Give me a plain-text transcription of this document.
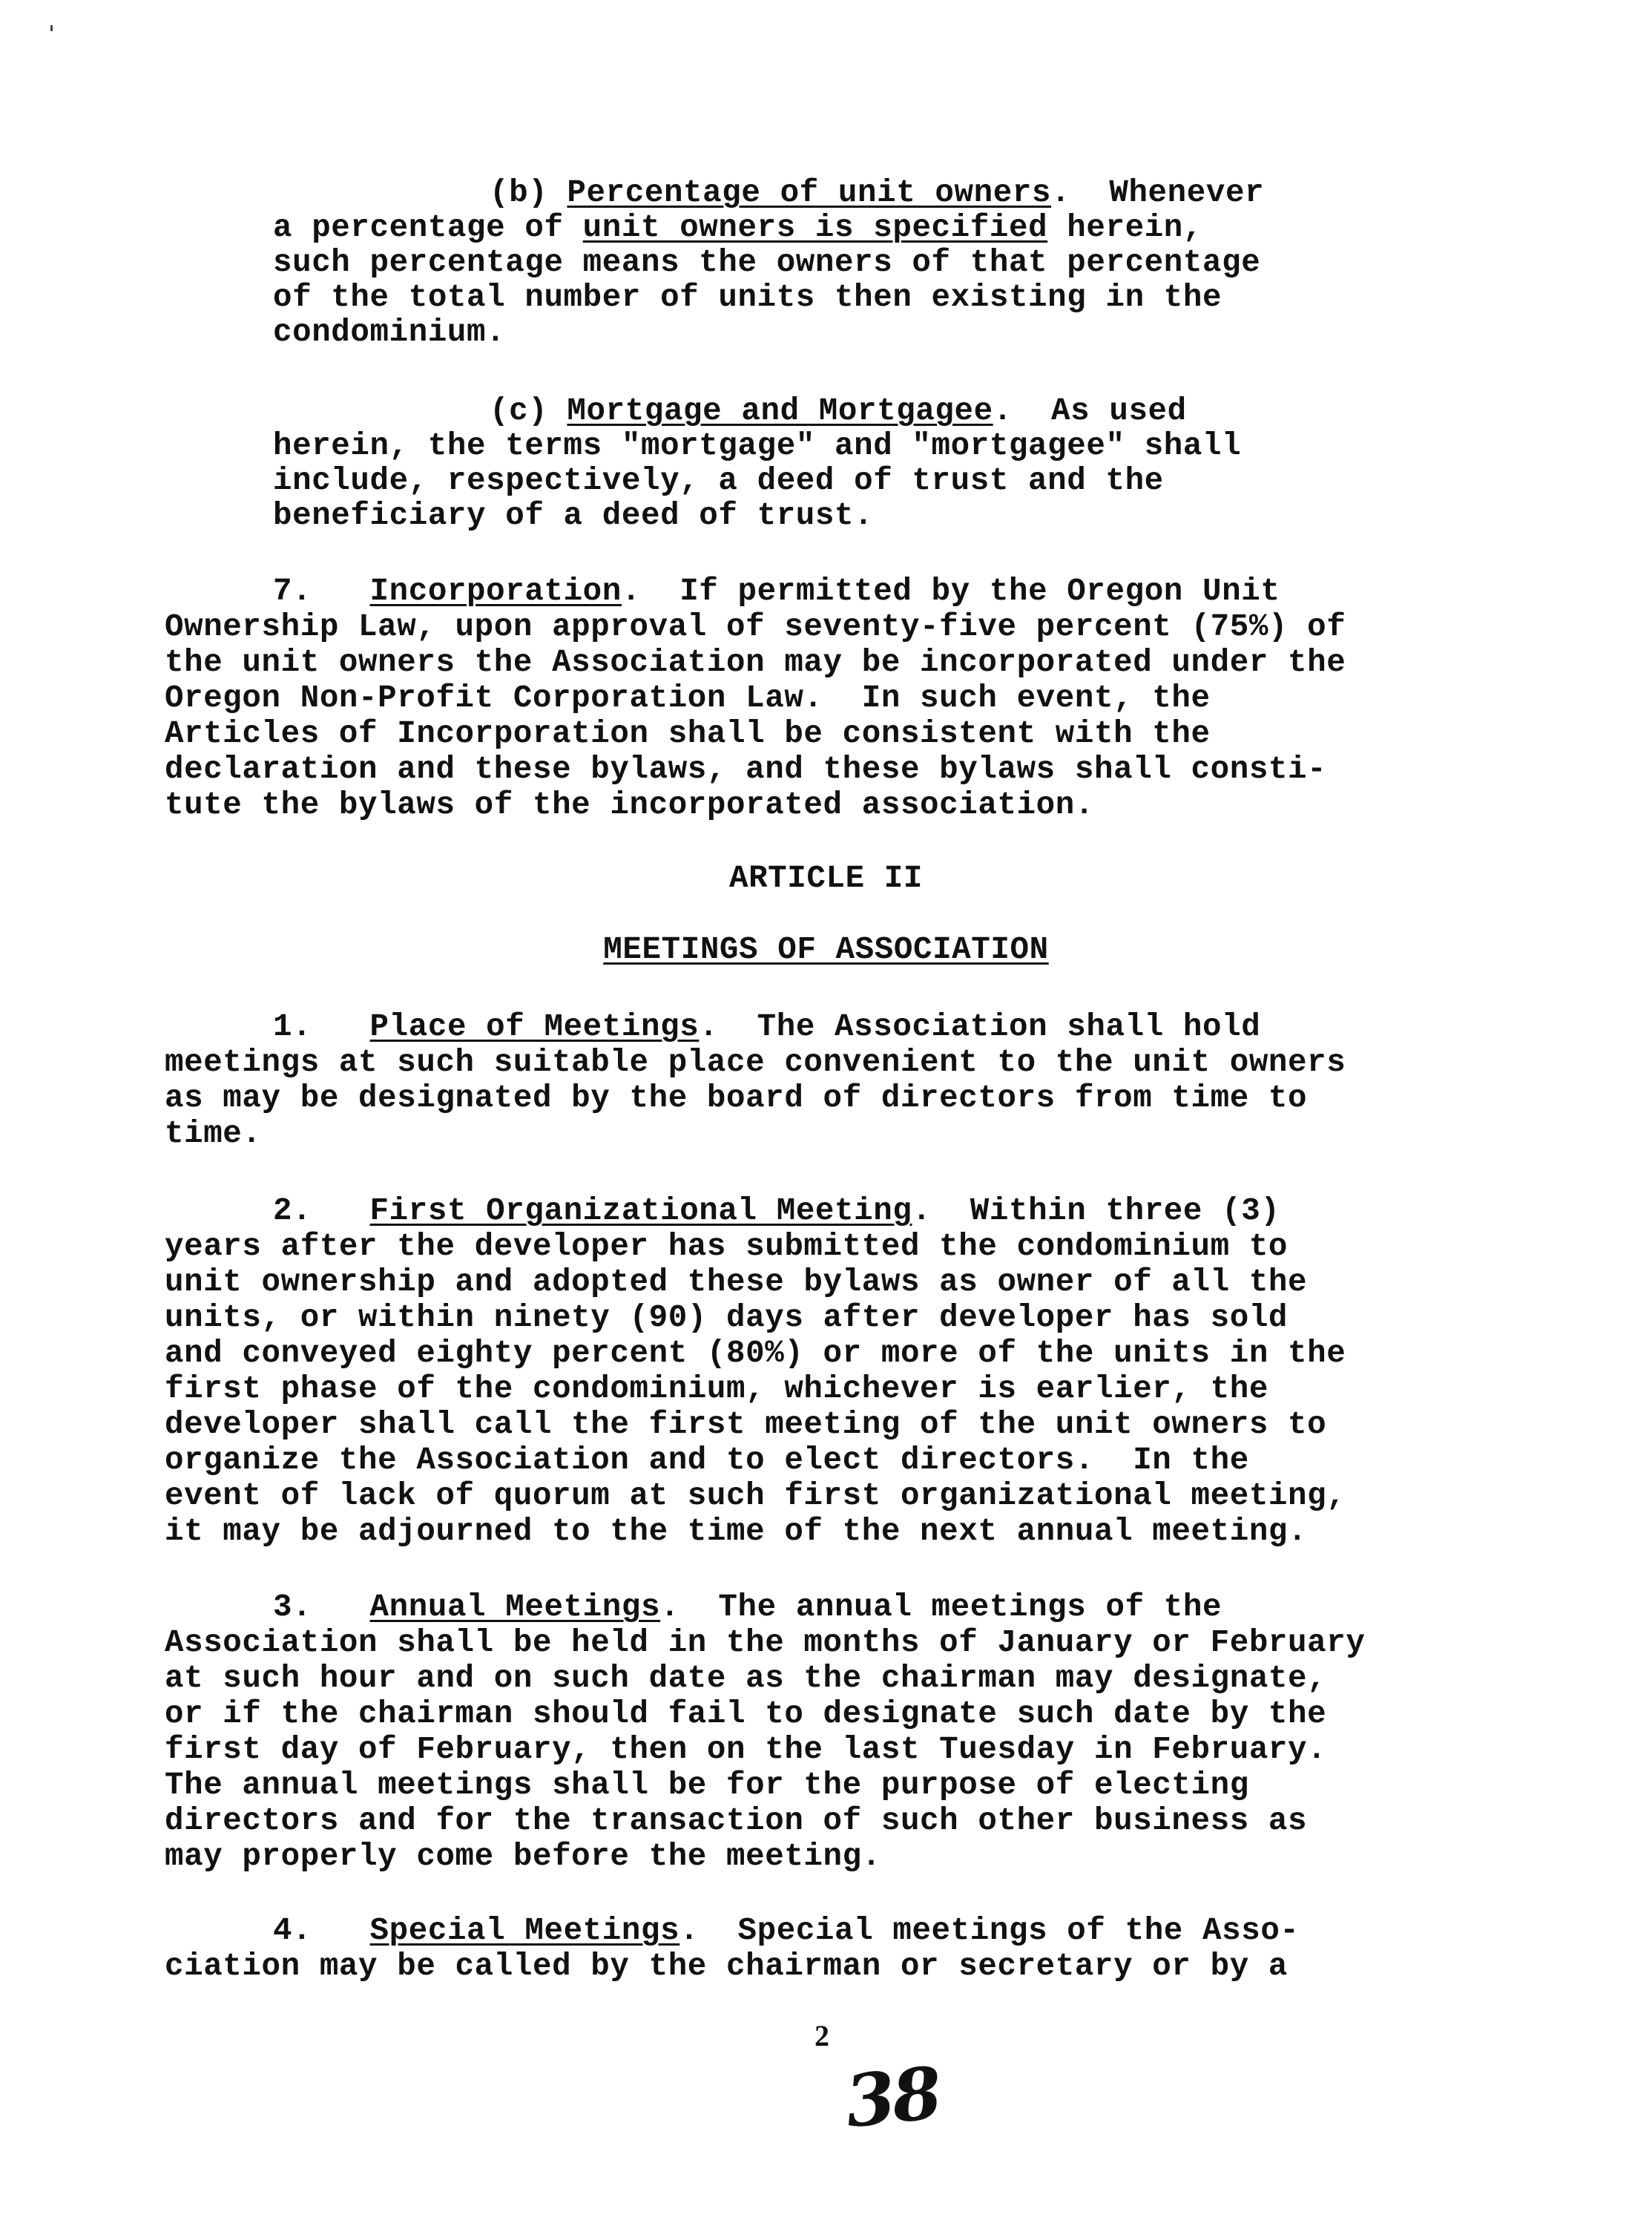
(b) Percentage of unit owners.  Whenever
a percentage of unit owners is specified herein,
such percentage means the owners of that percentage
of the total number of units then existing in the
condominium.
(c) Mortgage and Mortgagee.  As used
herein, the terms "mortgage" and "mortgagee" shall
include, respectively, a deed of trust and the
beneficiary of a deed of trust.
7.   Incorporation.  If permitted by the Oregon Unit
Ownership Law, upon approval of seventy-five percent (75%) of
the unit owners the Association may be incorporated under the
Oregon Non-Profit Corporation Law.  In such event, the
Articles of Incorporation shall be consistent with the
declaration and these bylaws, and these bylaws shall consti-
tute the bylaws of the incorporated association.
ARTICLE II
MEETINGS OF ASSOCIATION
1.   Place of Meetings.  The Association shall hold
meetings at such suitable place convenient to the unit owners
as may be designated by the board of directors from time to
time.
2.   First Organizational Meeting.  Within three (3)
years after the developer has submitted the condominium to
unit ownership and adopted these bylaws as owner of all the
units, or within ninety (90) days after developer has sold
and conveyed eighty percent (80%) or more of the units in the
first phase of the condominium, whichever is earlier, the
developer shall call the first meeting of the unit owners to
organize the Association and to elect directors.  In the
event of lack of quorum at such first organizational meeting,
it may be adjourned to the time of the next annual meeting.
3.   Annual Meetings.  The annual meetings of the
Association shall be held in the months of January or February
at such hour and on such date as the chairman may designate,
or if the chairman should fail to designate such date by the
first day of February, then on the last Tuesday in February.
The annual meetings shall be for the purpose of electing
directors and for the transaction of such other business as
may properly come before the meeting.
4.   Special Meetings.  Special meetings of the Asso-
ciation may be called by the chairman or secretary or by a
2
38
